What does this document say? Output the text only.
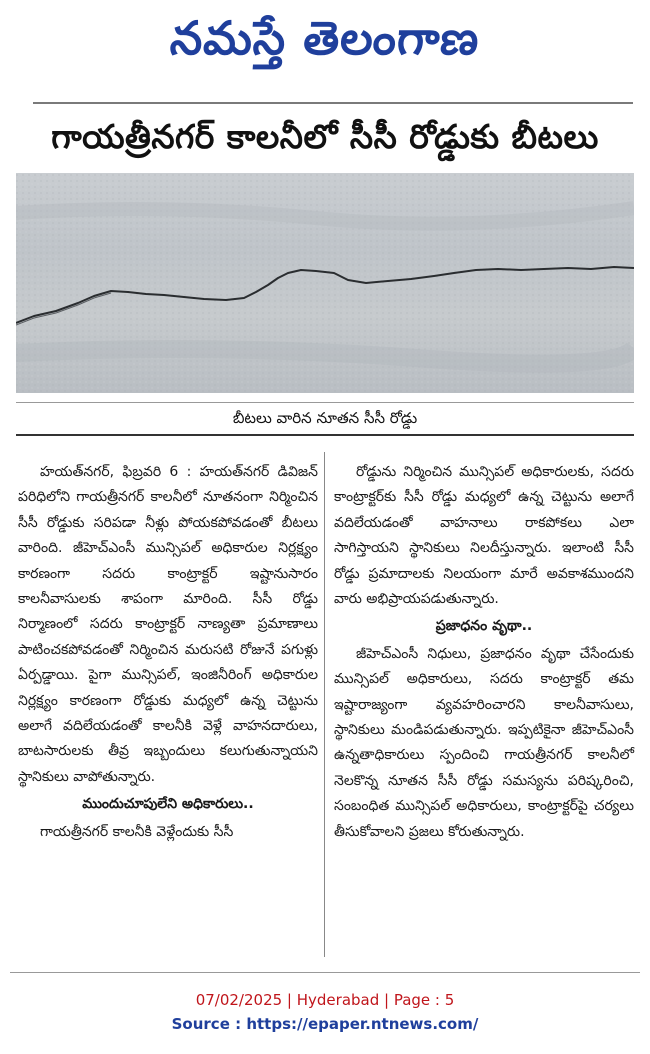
నమస్తే తెలంగాణ
గాయత్రీనగర్ కాలనీలో సీసీ రోడ్డుకు బీటలు
బీటలు వారిన నూతన సీసీ రోడ్డు

హయత్‌నగర్, ఫిబ్రవరి 6 : హయత్‌నగర్ డివిజన్ పరిధిలోని గాయత్రీనగర్ కాలనీలో నూతనంగా నిర్మించిన సీసీ రోడ్డుకు సరిపడా నీళ్లు పోయకపోవడంతో బీటలు వారింది. జీహెచ్‌ఎంసీ మున్సిపల్ అధికారుల నిర్లక్ష్యం కారణంగా సదరు కాంట్రాక్టర్ ఇష్టానుసారం కాలనీవాసులకు శాపంగా మారింది. సీసీ రోడ్డు నిర్మాణంలో సదరు కాంట్రాక్టర్ నాణ్యతా ప్రమాణాలు పాటించకపోవడంతో నిర్మించిన మరుసటి రోజునే పగుళ్లు ఏర్పడ్డాయి. పైగా మున్సిపల్, ఇంజినీరింగ్ అధికారుల నిర్లక్ష్యం కారణంగా రోడ్డుకు మధ్యలో ఉన్న చెట్టును అలాగే వదిలేయడంతో కాలనీకి వెళ్లే వాహనదారులు, బాటసారులకు తీవ్ర ఇబ్బందులు కలుగుతున్నాయని స్థానికులు వాపోతున్నారు.

ముందుచూపులేని అధికారులు..

గాయత్రీనగర్ కాలనీకి వెళ్లేందుకు సీసీ

రోడ్డును నిర్మించిన మున్సిపల్ అధికారులకు, సదరు కాంట్రాక్టర్‌కు సీసీ రోడ్డు మధ్యలో ఉన్న చెట్టును అలాగే వదిలేయడంతో వాహనాలు రాకపోకలు ఎలా సాగిస్తాయని స్థానికులు నిలదీస్తున్నారు. ఇలాంటి సీసీ రోడ్డు ప్రమాదాలకు నిలయంగా మారే అవకాశముందని వారు అభిప్రాయపడుతున్నారు.

ప్రజాధనం వృథా..

జీహెచ్‌ఎంసీ నిధులు, ప్రజాధనం వృథా చేసేందుకు మున్సిపల్ అధికారులు, సదరు కాంట్రాక్టర్ తమ ఇష్టారాజ్యంగా వ్యవహరించారని కాలనీవాసులు, స్థానికులు మండిపడుతున్నారు. ఇప్పటికైనా జీహెచ్‌ఎంసీ ఉన్నతాధికారులు స్పందించి గాయత్రీనగర్ కాలనీలో నెలకొన్న నూతన సీసీ రోడ్డు సమస్యను పరిష్కరించి, సంబంధిత మున్సిపల్ అధికారులు, కాంట్రాక్టర్‌పై చర్యలు తీసుకోవాలని ప్రజలు కోరుతున్నారు.

07/02/2025 | Hyderabad | Page : 5
Source : https://epaper.ntnews.com/
